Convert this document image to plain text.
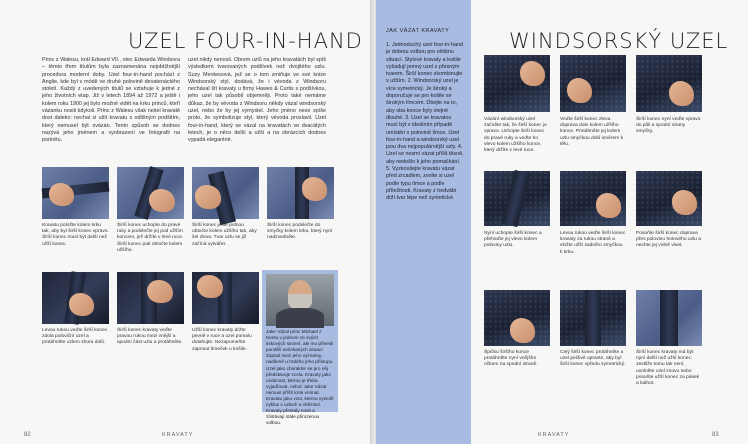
UZEL FOUR-IN-HAND
Princ z Walesu, král Edward VII., otec Edwarda Windsora – těmto třem titulům byla zaznamenána nejobtížnější procedura moderní doby. Uzel four-in-hand pochází z Anglie, kde byl v módě ve druhé polovině devatenáctého století. Každý z uvedených titulů se vztahuje k jedné z jeho životních etap. Již v letech 1894 až 1972 a ještě i kolem roku 1900 jej bylo možné vidět na krku princů, kteří vázanku nosili kdykoli. Princ z Walesu však nešel kravatě dost daleko: nechal si ušít kravatu s odlišným podšitím, který nemusel být svázán. Tento způsob se dodnes nazývá jeho jménem a vyobrazení ve fotografii na portrétu.
uzel nikdy nenosil. Obrem uzlů na jeho kravatách byl spíš výsledkem tvarovaných podšívek než dvojitého uzlu. Suzy Menkesová, jež se o tom zmiňuje ve své knize Windsorský styl, dodává, že i vévoda z Windsoru nechával šít kravaty u firmy Hawes & Curtis s podšívkou, jeho uzel tak působil objemněji. Proto také nemáme důkaz, že by vévoda z Windsoru někdy vázal windsorský uzel, nebo že by jej vymyslel. Jeho jméno nese spíše proto, že symbolizuje styl, který vévoda proslavil. Uzel four-in-hand, který se vázal na kravatách ve dvacátých letech, je o něco delší a užší a na obrázcích dodnes vypadá elegantně.
Kravatu položte kolem krku tak, aby byl širší konec vpravo. Širší konec musí být delší než užší konec.
Širší konec uchopte do pravé ruky a podvlečte jej pod užším koncem, jež držíte v levé ruce. Širší konec pak obtočte kolem užšího.
Širší konec ještě jednou obtočte kolem užšího tak, aby šel zleva. Tvar uzlu se již začíná vytvářet.
Širší konec podvlečte do smyčky kolem krku, který nyní nadzvedněte.
Levou rukou veďte širší konec zdola poloviční uzel a protáhněte uzlem shora dolů.
Širší konec kravaty veďte pravou rukou mezi vnější a spodní část uzlu a protáhněte.
Užší konec kravaty držte pevně v ruce a uzel pomalu dotahujte. Nezapomeňte zapnout límeček u košile.
Jake Vázal princ Michael z Kentu v jednom ze svých tiskových sezení, ale mu přinesli pondělí nečekaných situací. Zapsal mezi jeho významy, nadšeně u hrdého jeho přístupu. Uzel jako charakter se pro něj představuje zcela. Kravaty jako osobnost, kterou je třeba vyjadřovat, neboť Jake Vázal nemusí příští krok vnímat. Kravatu jako vzor, kterou vytvořil cyklus v uzlech a vítězství. Kravaty přestaly nosit a zůstávají stále přirozenou volbou.
82	KRAVATY
JAK VÁZAT KRAVATY
1. Jednoduchý uzel four-in-hand je dobrou volbou pro většinu situací. Stylové kravaty a košile vyžadují jemný uzel s přesným tvarem. Širší konec zkombinujte s užším. 2. Windsorský uzel je více symetrický. Je široký a doporučuje se pro košile se širokým límcem. Dbejte na to, aby oba konce byly stejně dlouhé. 3. Uzel se kravatou musí být v ideálním případě umístěn v polovině límce. Uzel four-in-hand a windsorský uzel jsou dva nejpopulárnější uzly. 4. Uzel se nesmí vázat příliš těsně, aby nedošlo k jeho pomačkání. 5. Vyzkoušejte kravatu vázat před zrcadlem, zvolte si uzel podle typu límce a podle příležitosti. Kravaty z hedvábí drží tvar lépe než syntetické.
WINDSORSKÝ UZEL
Vázání windsorský uzel začněte tak, že širší konec je vpravo. Uchopte širší konec do pravé ruky a veďte ho vlevo kolem užšího konce, který držíte v levé ruce.
Veďte širší konec zleva doprava dole kolem užšího konce. Protáhněte jej kolem uzlu smyčkou dolů směrem k tělu.
Širší konec nyní veďte vpravo do půli a spodní strany smyčky.
Nyní uchopte širší konec a přehoďte jej vlevo kolem poloviny uzlu.
Levou rukou veďte širší konec kravaty za rukou straně a vložte užší zadního smyčkou k krku.
Posuňte širší konec doprava přes polovinu hotového uzlu a nechte jej volně viset.
Špičku širšího konce protáhněte nyní vnějším očkem na spodní straně.
Celý širší konec protáhněte a uzel pečlivě upravte, aby byl širší konec vpředu symetrický.
Širší konec kravaty má být nyní delší než užší konec. Jestliže tomu tak není, uvolněte uzel znovu nebo posuňte užší konec za pásek a kalhot.
KRAVATY	83
